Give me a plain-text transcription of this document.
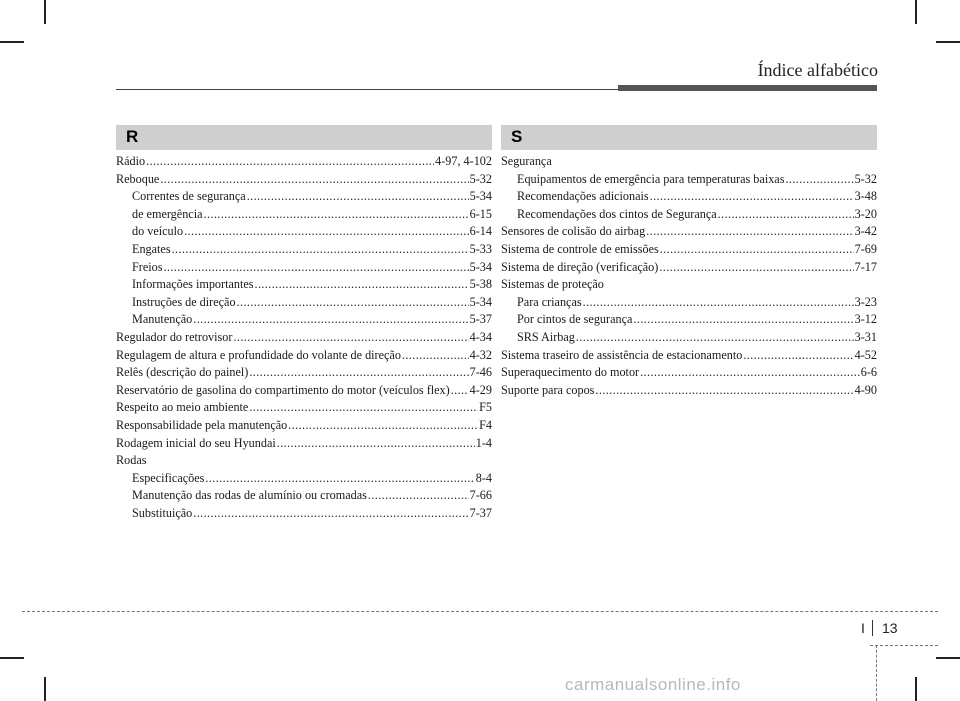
Índice alfabético
R	S
Rádio .....	4-97, 4-102
Reboque .....	5-32
Correntes de segurança .....	5-34
de emergência .....	6-15
do veículo .....	6-14
Engates .....	5-33
Freios .....	5-34
Informações importantes .....	5-38
Instruções de direção .....	5-34
Manutenção .....	5-37
Regulador do retrovisor .....	4-34
Regulagem de altura e profundidade do volante de direção .....	4-32
Relês (descrição do painel) .....	7-46
Reservatório de gasolina do compartimento do motor (veículos flex) ..... 4-29
Respeito ao meio ambiente .....	F5
Responsabilidade pela manutenção .....	F4
Rodagem inicial do seu Hyundai .....	1-4
Rodas
Especificações .....	8-4
Manutenção das rodas de alumínio ou cromadas .....	7-66
Substituição .....	7-37
Segurança
Equipamentos de emergência para temperaturas baixas .....	5-32
Recomendações adicionais .....	3-48
Recomendações dos cintos de Segurança .....	3-20
Sensores de colisão do airbag .....	3-42
Sistema de controle de emissões .....	7-69
Sistema de direção (verificação) .....	7-17
Sistemas de proteção
Para crianças .....	3-23
Por cintos de segurança .....	3-12
SRS Airbag .....	3-31
Sistema traseiro de assistência de estacionamento .....	4-52
Superaquecimento do motor .....	6-6
Suporte para copos .....	4-90
13
I
carmanualsonline.info
